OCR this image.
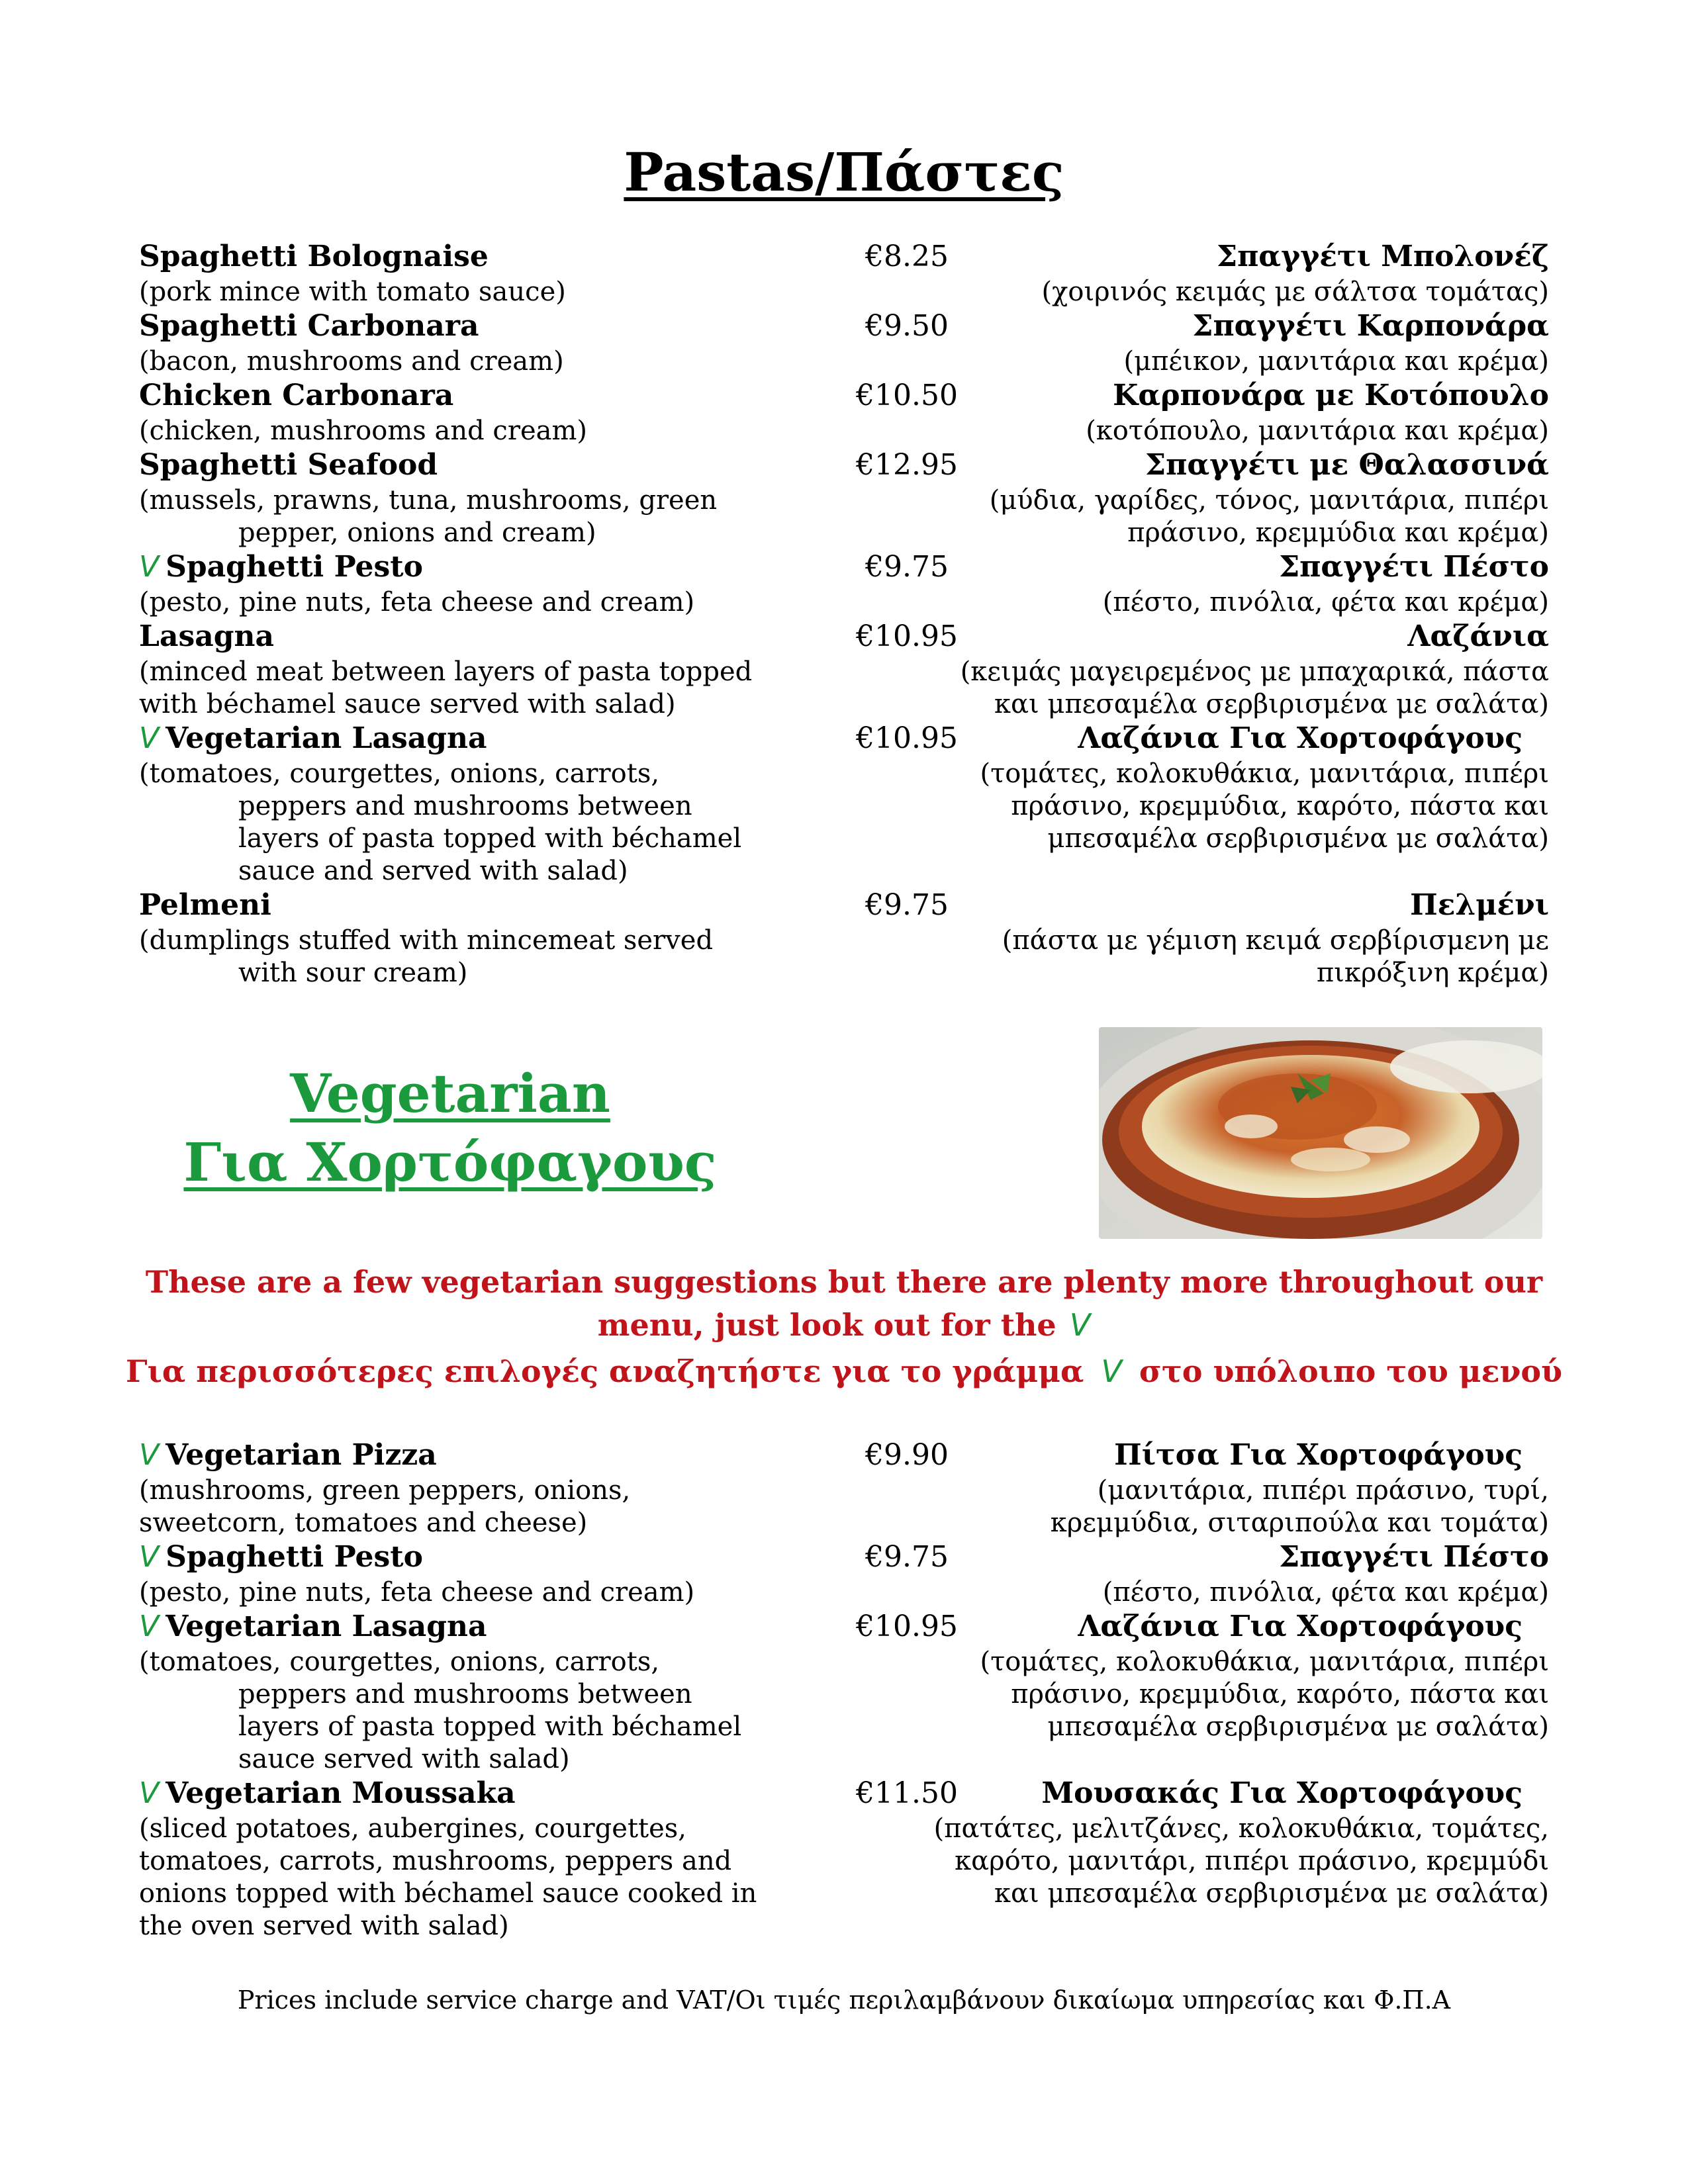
Pastas/Πάστες
Spaghetti Bolognaise	€8.25	Σπαγγέτι Μπολονέζ
(pork mince with tomato sauce)	(χοιρινός κειμάς με σάλτσα τομάτας)
Spaghetti Carbonara	€9.50	Σπαγγέτι Καρπονάρα
(bacon, mushrooms and cream)	(μπέικον, μανιτάρια και κρέμα)
Chicken Carbonara	€10.50	Καρπονάρα με Κοτόπουλο
(chicken, mushrooms and cream)	(κοτόπουλο, μανιτάρια και κρέμα)
Spaghetti Seafood	€12.95	Σπαγγέτι με Θαλασσινά
(mussels, prawns, tuna, mushrooms, green	(μύδια, γαρίδες, τόνος, μανιτάρια, πιπέρι
pepper, onions and cream)	πράσινο, κρεμμύδια και κρέμα)
V Spaghetti Pesto	€9.75	Σπαγγέτι Πέστο
(pesto, pine nuts, feta cheese and cream)	(πέστο, πινόλια, φέτα και κρέμα)
Lasagna	€10.95	Λαζάνια
(minced meat between layers of pasta topped	(κειμάς μαγειρεμένος με μπαχαρικά, πάστα
with béchamel sauce served with salad)	και μπεσαμέλα σερβιρισμένα με σαλάτα)
V Vegetarian Lasagna	€10.95	Λαζάνια Για Χορτοφάγους
(tomatoes, courgettes, onions, carrots,	(τομάτες, κολοκυθάκια, μανιτάρια, πιπέρι
peppers and mushrooms between	πράσινο, κρεμμύδια, καρότο, πάστα και
layers of pasta topped with béchamel	μπεσαμέλα σερβιρισμένα με σαλάτα)
sauce and served with salad)
Pelmeni	€9.75	Πελμένι
(dumplings stuffed with mincemeat served	(πάστα με γέμιση κειμά σερβίρισμενη με
with sour cream)	πικρόξινη κρέμα)
Vegetarian
Για Χορτόφαγους
These are a few vegetarian suggestions but there are plenty more throughout our
menu, just look out for the V
Για περισσότερες επιλογές αναζητήστε για το γράμμα V στο υπόλοιπο του μενού
V Vegetarian Pizza	€9.90	Πίτσα Για Χορτοφάγους
(mushrooms, green peppers, onions,	(μανιτάρια, πιπέρι πράσινο, τυρί,
sweetcorn, tomatoes and cheese)	κρεμμύδια, σιταριπούλα και τομάτα)
V Spaghetti Pesto	€9.75	Σπαγγέτι Πέστο
(pesto, pine nuts, feta cheese and cream)	(πέστο, πινόλια, φέτα και κρέμα)
V Vegetarian Lasagna	€10.95	Λαζάνια Για Χορτοφάγους
(tomatoes, courgettes, onions, carrots,	(τομάτες, κολοκυθάκια, μανιτάρια, πιπέρι
peppers and mushrooms between	πράσινο, κρεμμύδια, καρότο, πάστα και
layers of pasta topped with béchamel	μπεσαμέλα σερβιρισμένα με σαλάτα)
sauce served with salad)
V Vegetarian Moussaka	€11.50	Μουσακάς Για Χορτοφάγους
(sliced potatoes, aubergines, courgettes,	(πατάτες, μελιτζάνες, κολοκυθάκια, τομάτες,
tomatoes, carrots, mushrooms, peppers and	καρότο, μανιτάρι, πιπέρι πράσινο, κρεμμύδι
onions topped with béchamel sauce cooked in	και μπεσαμέλα σερβιρισμένα με σαλάτα)
the oven served with salad)
Prices include service charge and VAT/Οι τιμές περιλαμβάνουν δικαίωμα υπηρεσίας και Φ.Π.Α
